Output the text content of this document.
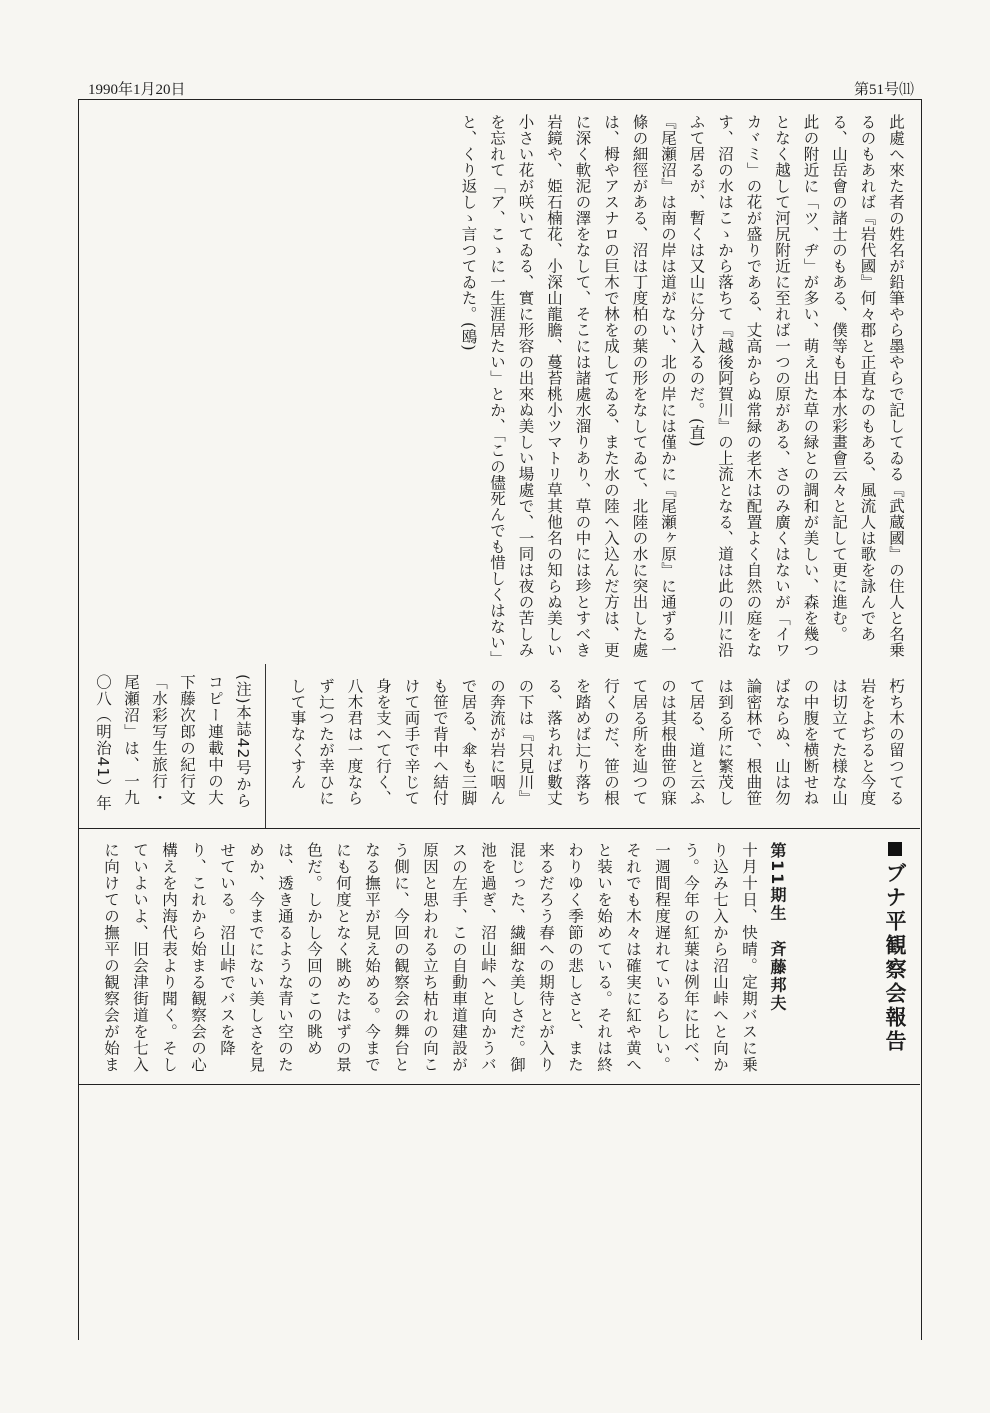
1990年1月20日	第51号⑾

此處へ來た者の姓名が鉛筆やら墨やらで記してゐる『武蔵國』の住人と名乗るのもあれば『岩代國』何々郡と正直なのもある、風流人は歌を詠んである、山岳會の諸士のもある、僕等も日本水彩畫會云々と記して更に進む。

此の附近に「ツ、ヂ」が多い、萌え出た草の緑との調和が美しい、森を幾つとなく越して河尻附近に至れば一つの原がある、さのみ廣くはないが「イワカヾミ」の花が盛りである、丈高からぬ常緑の老木は配置よく自然の庭をなす、沼の水はこゝから落ちて『越後阿賀川』の上流となる、道は此の川に沿ふて居るが、暫くは又山に分け入るのだ。(直)

『尾瀬沼』は南の岸は道がない、北の岸には僅かに『尾瀬ヶ原』に通ずる一條の細徑がある、沼は丁度柏の葉の形をなしてゐて、北陸の水に突出した處は、栂やアスナロの巨木で林を成してゐる、また水の陸へ入込んだ方は、更に深く軟泥の澤をなして、そこには諸處水溜りあり、草の中には珍とすべき岩鏡や、姫石楠花、小深山龍膽、蔓苔桃小ツマトリ草其他名の知らぬ美しい小さい花が咲いてゐる、實に形容の出來ぬ美しい場處で、一同は夜の苦しみを忘れて「ア、こゝに一生涯居たい」とか、「この儘死んでも惜しくはない」と、くり返しゝ言つてゐた。(鴎)

朽ち木の留つてる岩をよぢると今度は切立てた様な山の中腹を横断せねばならぬ、山は勿論密林で、根曲笹は到る所に繁茂して居る、道と云ふのは其根曲笹の寐て居る所を辿つて行くのだ、笹の根を踏めば辷り落ちる、落ちれば數丈の下は『只見川』の奔流が岩に咽んで居る、傘も三脚も笹で背中へ結付けて両手で辛じて身を支へて行く、八木君は一度ならず辷つたが幸ひにして事なくすん

(注)本誌42号からコピー連載中の大下藤次郎の紀行文「水彩写生旅行・尾瀬沼」は、一九〇八（明治41）年

ブナ平観察会報告

第11期生　斉藤邦夫

十月十日、快晴。定期バスに乗り込み七入から沼山峠へと向かう。今年の紅葉は例年に比べ、一週間程度遅れているらしい。それでも木々は確実に紅や黄へと装いを始めている。それは終わりゆく季節の悲しさと、また来るだろう春への期待とが入り混じった、繊細な美しさだ。御池を過ぎ、沼山峠へと向かうバスの左手、この自動車道建設が原因と思われる立ち枯れの向こう側に、今回の観察会の舞台となる撫平が見え始める。今までにも何度となく眺めたはずの景色だ。しかし今回のこの眺めは、透き通るような青い空のためか、今までにない美しさを見せている。沼山峠でバスを降り、これから始まる観察会の心構えを内海代表より聞く。そしていよいよ、旧会津街道を七入に向けての撫平の観察会が始ま
